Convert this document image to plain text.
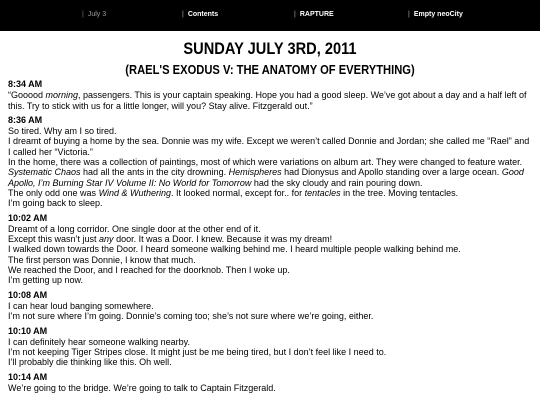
| July 3	| Contents	| RAPTURE	| Empty neoCity
SUNDAY JULY 3RD, 2011
(RAEL'S EXODUS V: THE ANATOMY OF EVERYTHING)
8:34 AM
“Gooood morning, passengers. This is your captain speaking. Hope you had a good sleep. We’ve got about a day and a half left of this. Try to stick with us for a little longer, will you? Stay alive. Fitzgerald out.”
8:36 AM
So tired. Why am I so tired.
I dreamt of buying a home by the sea. Donnie was my wife. Except we weren’t called Donnie and Jordan; she called me “Rael” and I called her “Victoria.”
In the home, there was a collection of paintings, most of which were variations on album art. They were changed to feature water. Systematic Chaos had all the ants in the city drowning. Hemispheres had Dionysus and Apollo standing over a large ocean. Good Apollo, I’m Burning Star IV Volume II: No World for Tomorrow had the sky cloudy and rain pouring down.
The only odd one was Wind & Wuthering. It looked normal, except for.. for tentacles in the tree. Moving tentacles.
I’m going back to sleep.
10:02 AM
Dreamt of a long corridor. One single door at the other end of it.
Except this wasn’t just any door. It was a Door. I knew. Because it was my dream!
I walked down towards the Door. I heard someone walking behind me. I heard multiple people walking behind me.
The first person was Donnie, I know that much.
We reached the Door, and I reached for the doorknob. Then I woke up.
I’m getting up now.
10:08 AM
I can hear loud banging somewhere.
I’m not sure where I’m going. Donnie’s coming too; she’s not sure where we’re going, either.
10:10 AM
I can definitely hear someone walking nearby.
I’m not keeping Tiger Stripes close. It might just be me being tired, but I don’t feel like I need to.
I’ll probably die thinking like this. Oh well.
10:14 AM
We’re going to the bridge. We’re going to talk to Captain Fitzgerald.
